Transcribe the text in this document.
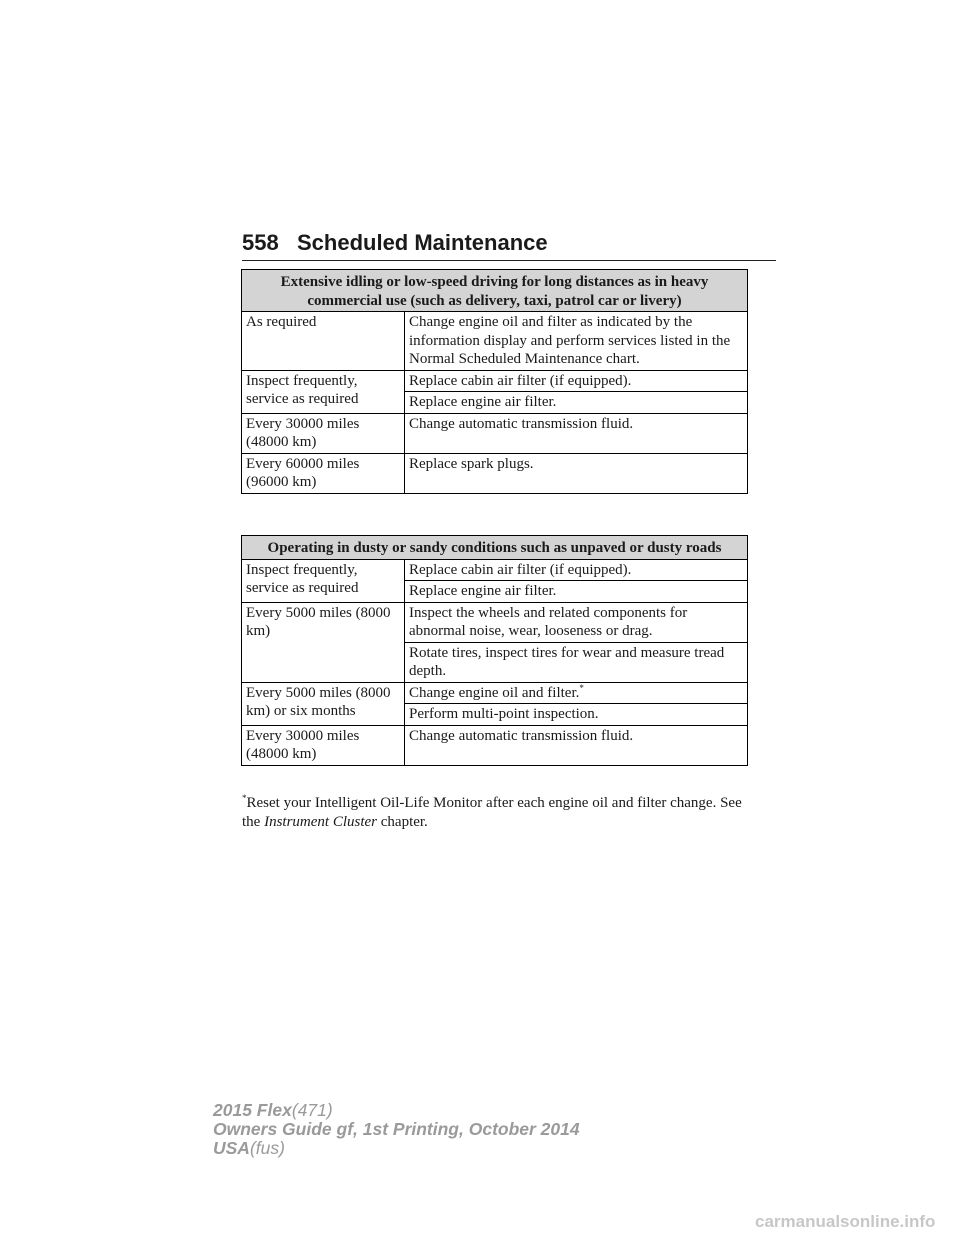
558 Scheduled Maintenance
Extensive idling or low-speed driving for long distances as in heavy commercial use (such as delivery, taxi, patrol car or livery)	
As required	Change engine oil and filter as indicated by the information display and perform services listed in the Normal Scheduled Maintenance chart.
Inspect frequently, service as required	Replace cabin air filter (if equipped).
	Replace engine air filter.
Every 30000 miles (48000 km)	Change automatic transmission fluid.
Every 60000 miles (96000 km)	Replace spark plugs.
Operating in dusty or sandy conditions such as unpaved or dusty roads	
Inspect frequently, service as required	Replace cabin air filter (if equipped).
	Replace engine air filter.
Every 5000 miles (8000 km)	Inspect the wheels and related components for abnormal noise, wear, looseness or drag.
	Rotate tires, inspect tires for wear and measure tread depth.
Every 5000 miles (8000 km) or six months	Change engine oil and filter.*
	Perform multi-point inspection.
Every 30000 miles (48000 km)	Change automatic transmission fluid.
*Reset your Intelligent Oil-Life Monitor after each engine oil and filter change. See the Instrument Cluster chapter.
2015 Flex(471)
Owners Guide gf, 1st Printing, October 2014
USA(fus)
carmanualsonline.info
